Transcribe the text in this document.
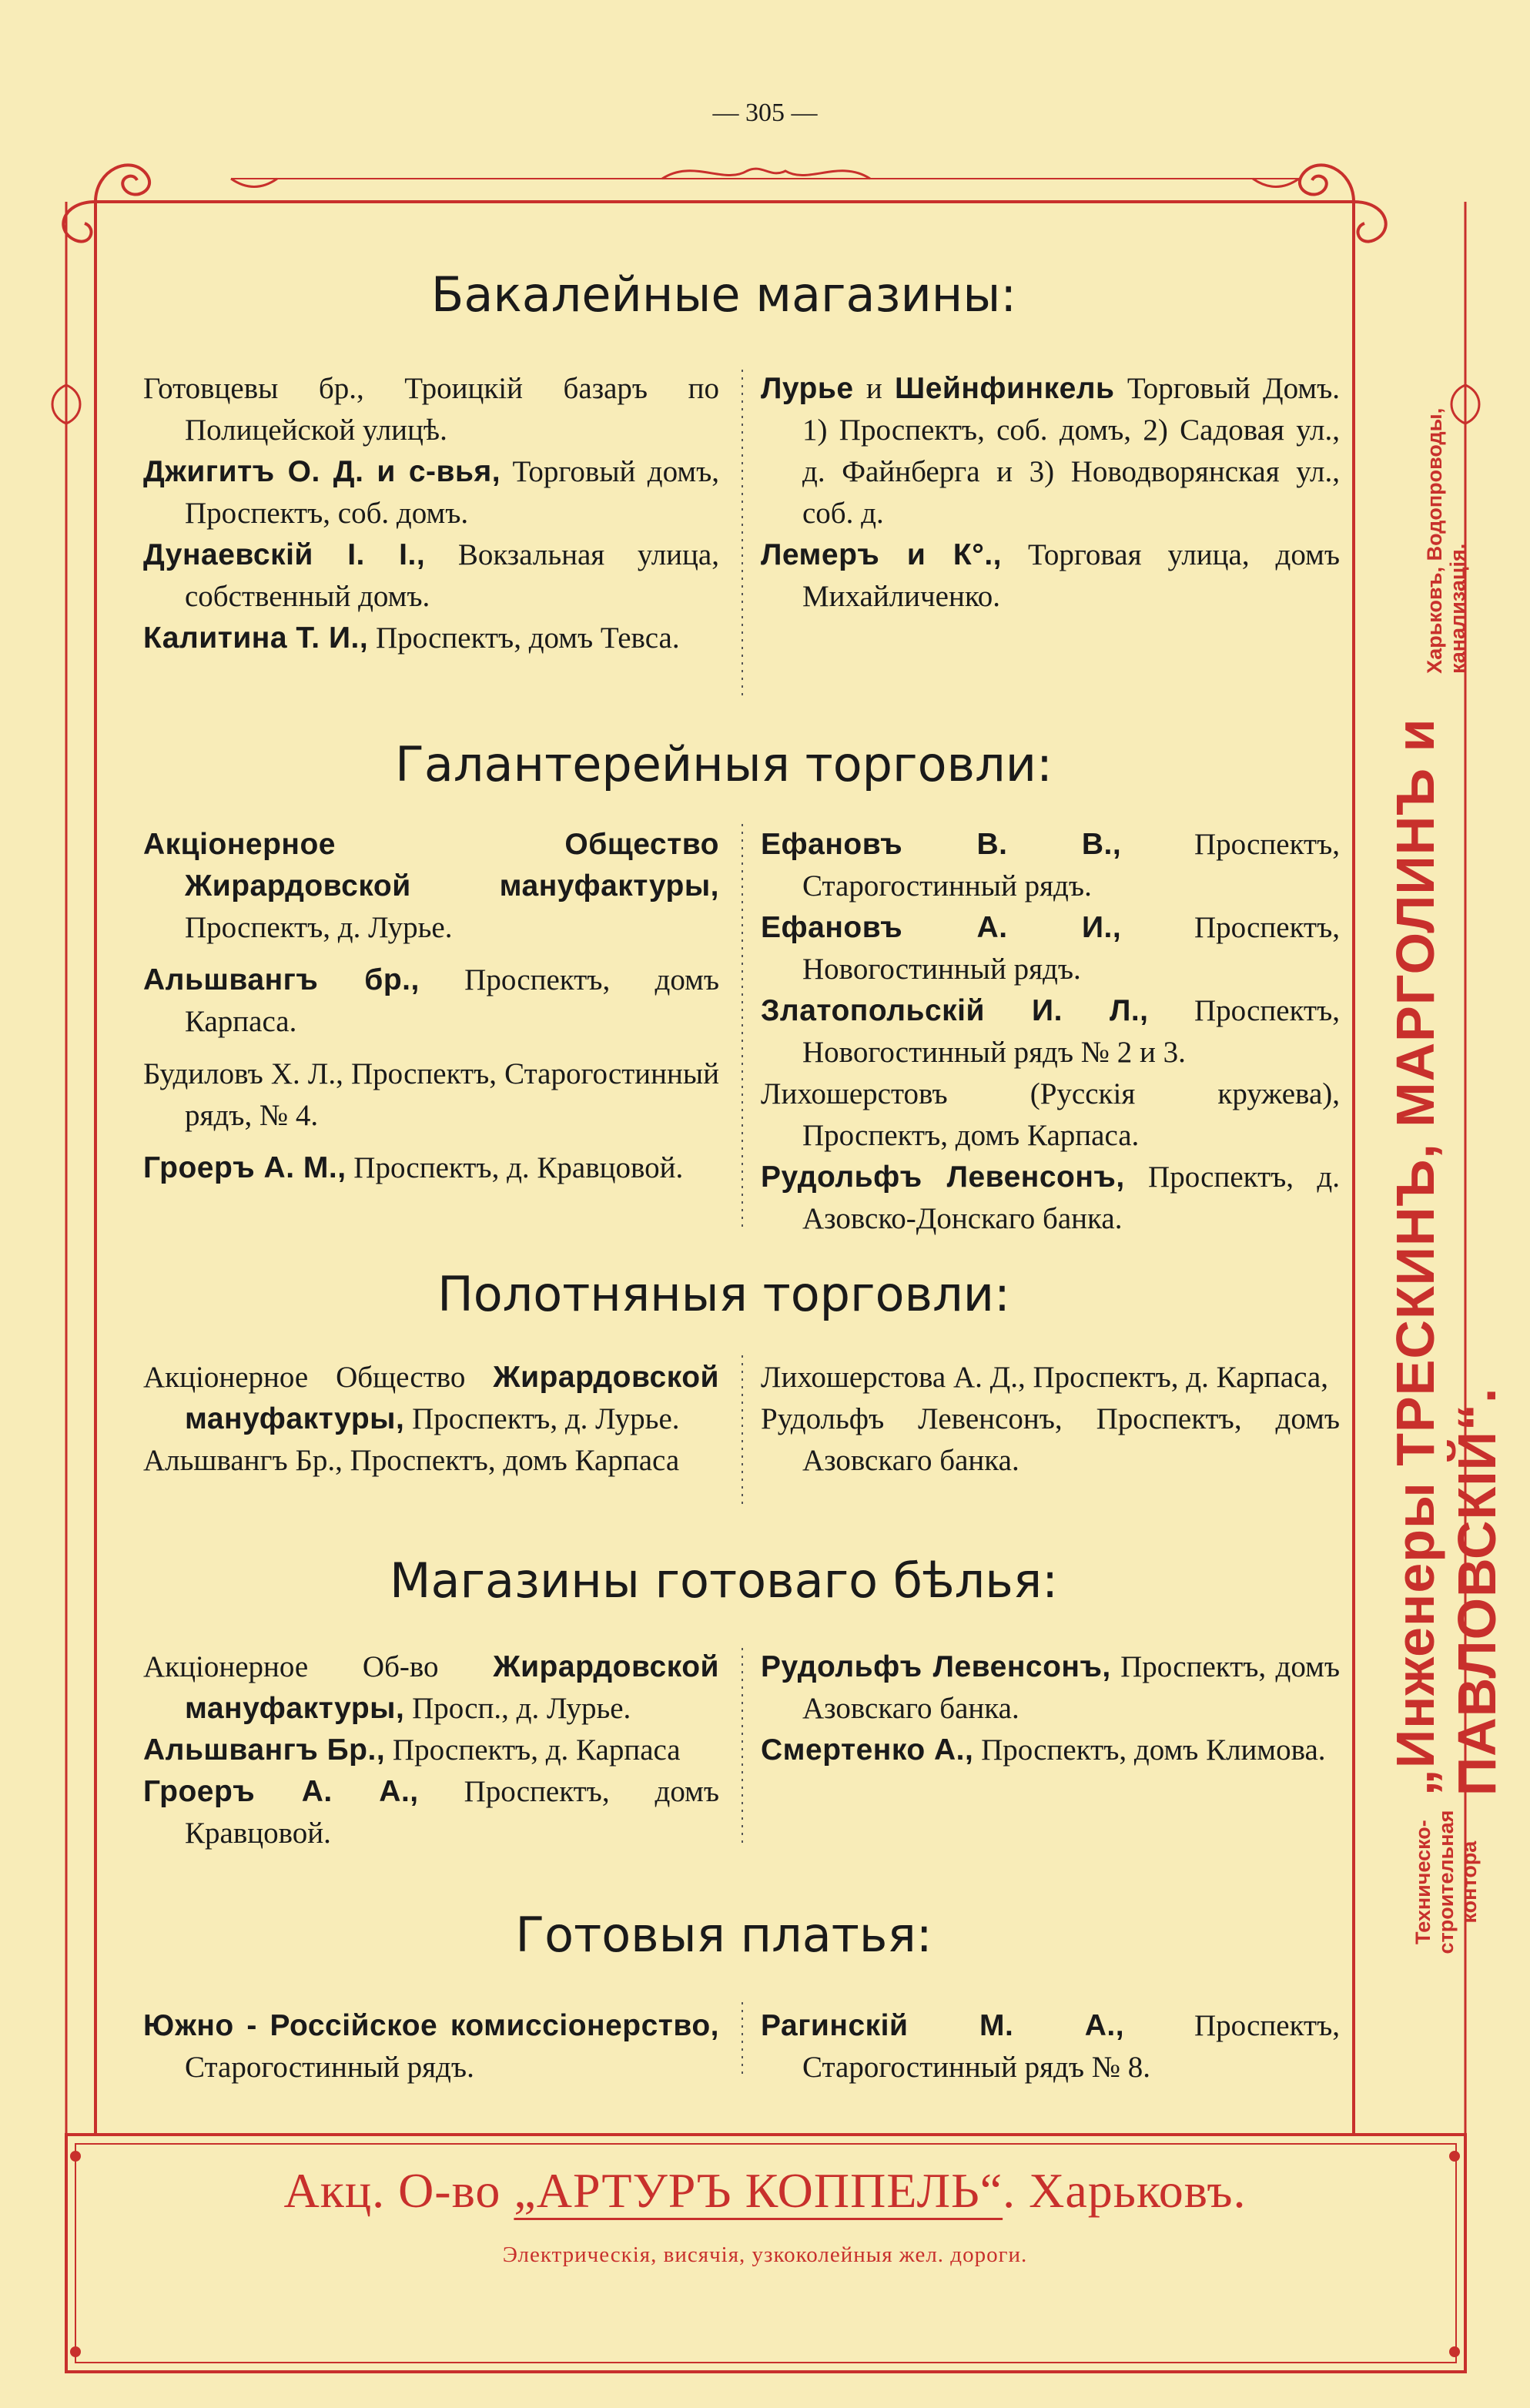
— 305 —
Бакалейные магазины:

Готовцевы бр., Троицкій базаръ по Полицейской улицѣ.

Джигитъ О. Д. и с-вья, Торговый домъ, Проспектъ, соб. домъ.

Дунаевскій І. І., Вокзальная улица, собственный домъ.

Калитина Т. И., Проспектъ, домъ Тевса.

Лурье и Шейнфинкель Торговый Домъ. 1) Проспектъ, соб. домъ, 2) Садовая ул., д. Файнберга и 3) Новодворянская ул., соб. д.

Лемеръ и К°., Торговая улица, домъ Михайличенко.

Галантерейныя торговли:

Акціонерное Общество Жирардовской мануфактуры, Проспектъ, д. Лурье.

Альшвангъ бр., Проспектъ, домъ Карпаса.

Будиловъ Х. Л., Проспектъ, Старогостинный рядъ, № 4.

Гроеръ А. М., Проспектъ, д. Кравцовой.

Ефановъ В. В., Проспектъ, Старогостинный рядъ.

Ефановъ А. И., Проспектъ, Новогостинный рядъ.

Златопольскій И. Л., Проспектъ, Новогостинный рядъ № 2 и 3.

Лихошерстовъ (Русскія кружева), Проспектъ, домъ Карпаса.

Рудольфъ Левенсонъ, Проспектъ, д. Азовско-Донскаго банка.

Полотняныя торговли:

Акціонерное Общество Жирардовской мануфактуры, Проспектъ, д. Лурье.

Альшвангъ Бр., Проспектъ, домъ Карпаса

Лихошерстова А. Д., Проспектъ, д. Карпаса,

Рудольфъ Левенсонъ, Проспектъ, домъ Азовскаго банка.

Магазины готоваго бѣлья:

Акціонерное Об-во Жирардовской мануфактуры, Просп., д. Лурье.

Альшвангъ Бр., Проспектъ, д. Карпаса

Гроеръ А. А., Проспектъ, домъ Кравцовой.

Рудольфъ Левенсонъ, Проспектъ, домъ Азовскаго банка.

Смертенко А., Проспектъ, домъ Климова.

Готовыя платья:

Южно - Россійское комиссіонерство, Старогостинный рядъ.

Рагинскій М. А., Проспектъ, Старогостинный рядъ № 8.

Акц. О-во „АРТУРЪ КОППЕЛЬ“. Харьковъ.
Электрическія, висячія, узкоколейныя жел. дороги.
Техническо-строительная контора
„Инженеры ТРЕСКИНЪ, МАРГОЛИНЪ и ПАВЛОВСКІЙ“.
Харьковъ, Водопроводы, канализація.
